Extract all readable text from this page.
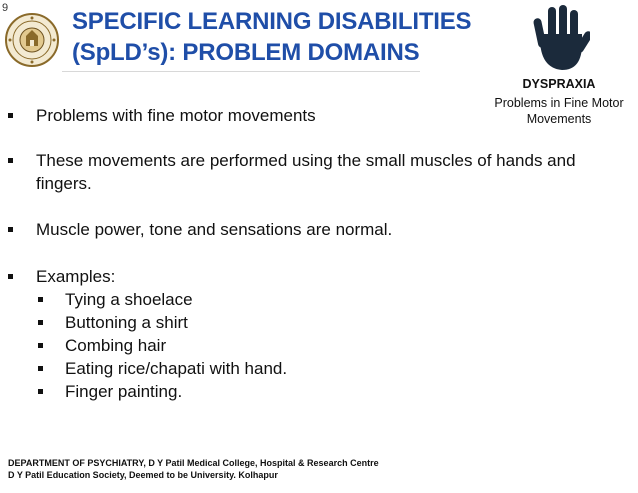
9	SPECIFIC LEARNING DISABILITIES
(SpLD’s): PROBLEM DOMAINS
DYSPRAXIA
Problems in Fine Motor
Movements
Problems with fine motor movements
These movements are performed using the small muscles of hands and fingers.
Muscle power, tone and sensations are normal.
Examples:
Tying a shoelace
Buttoning a shirt
Combing hair
Eating rice/chapati with hand.
Finger painting.
DEPARTMENT OF PSYCHIATRY, D Y Patil Medical College, Hospital & Research Centre
D Y Patil Education Society, Deemed to be University. Kolhapur
